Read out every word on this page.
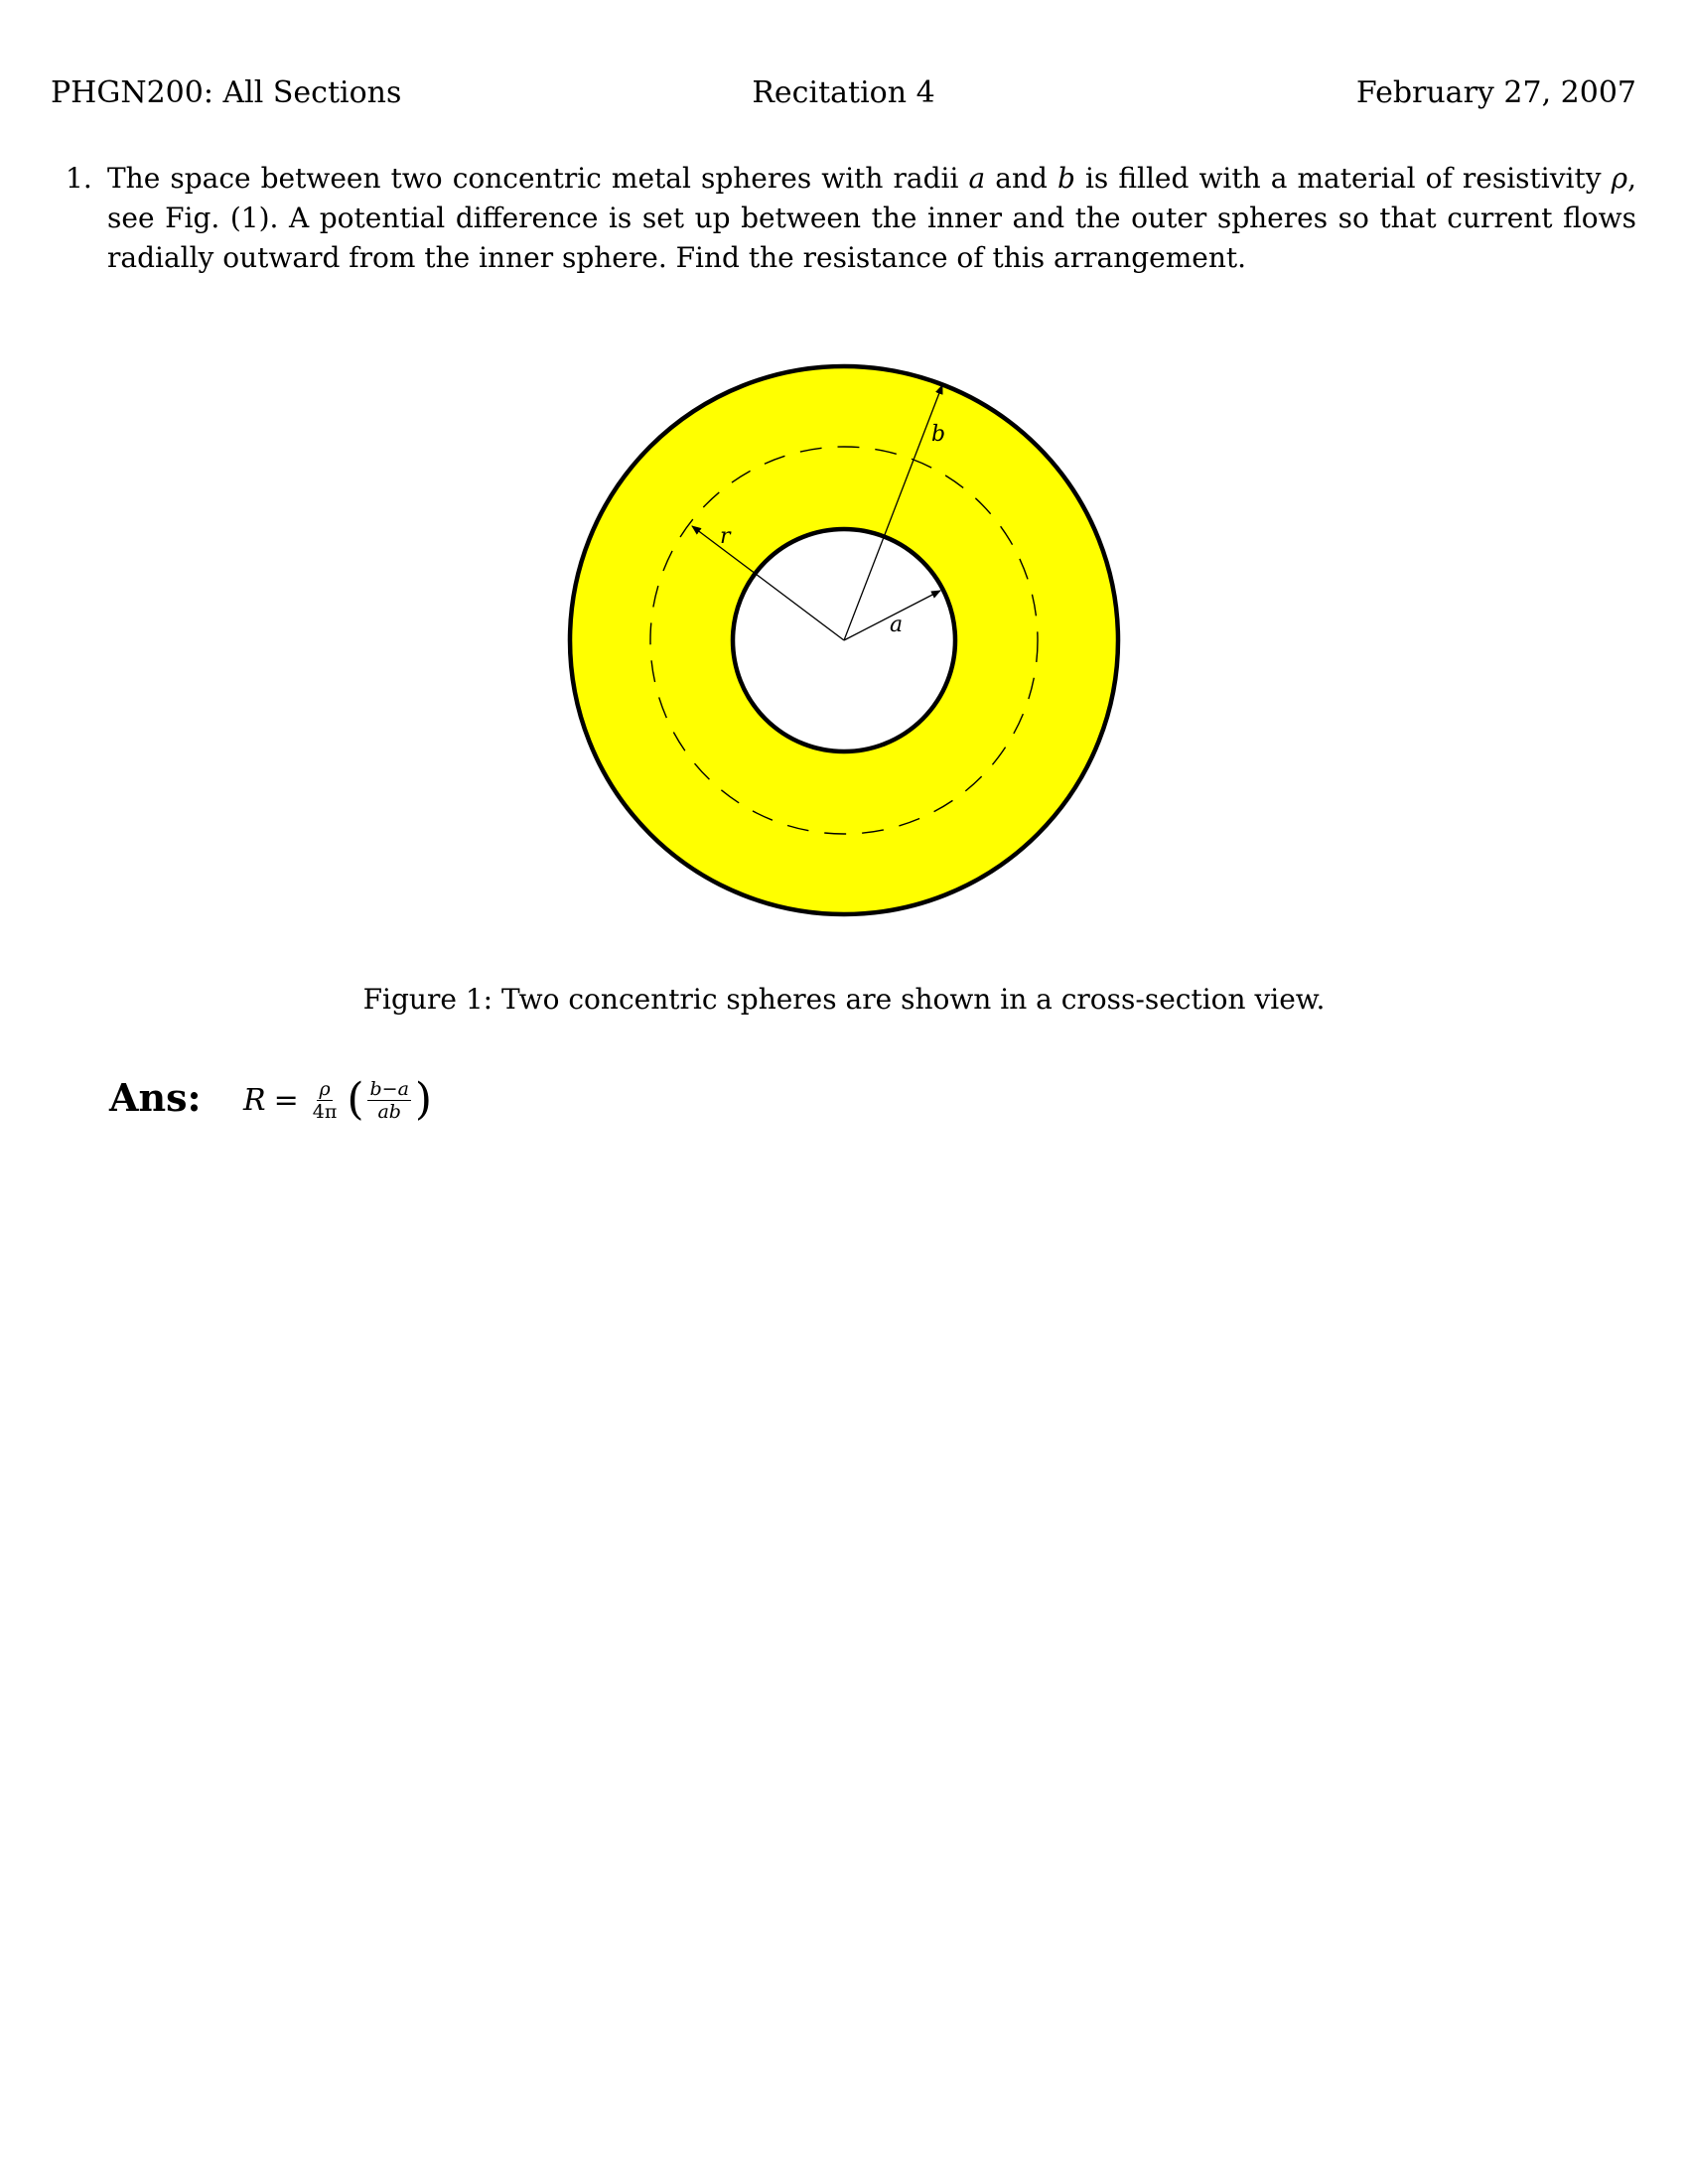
PHGN200: All Sections	Recitation 4	February 27, 2007
1. The space between two concentric metal spheres with radii a and b is filled with a material of resistivity ρ, see Fig. (1). A potential difference is set up between the inner and the outer spheres so that current flows radially outward from the inner sphere. Find the resistance of this arrangement.
b
r
a
Figure 1: Two concentric spheres are shown in a cross-section view.
Ans: $R = \frac{\rho}{4\pi}$ ( $\frac{b-a}{ab}$ )
